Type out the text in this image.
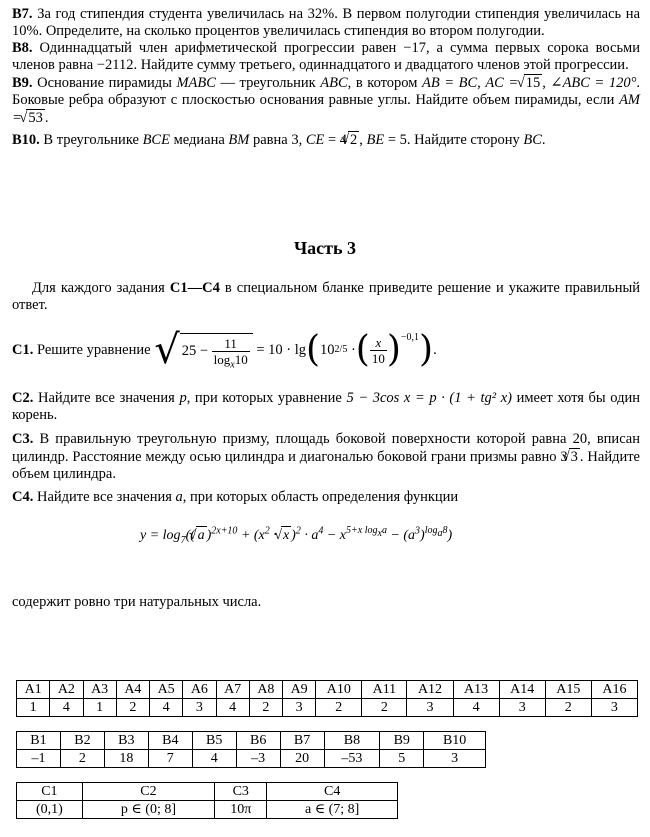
B7. За год стипендия студента увеличилась на 32%. В первом полугодии стипендия увеличилась на 10%. Определите, на сколько процентов увеличилась стипендия во втором полугодии.

B8. Одиннадцатый член арифметической прогрессии равен −17, а сумма первых сорока восьми членов равна −2112. Найдите сумму третьего, одиннадцатого и двадцатого членов этой прогрессии.

B9. Основание пирамиды MABC — треугольник ABC, в котором AB = BC, AC = √ 15 , ∠ABC = 120°. Боковые ребра образуют с плоскостью основания равные углы. Найдите объем пирамиды, если AM = √ 53 .

B10. В треугольнике BCE медиана BM равна 3, CE = 4 √ 2 , BE = 5. Найдите сторону BC.

Часть 3

Для каждого задания C1—C4 в специальном бланке приведите решение и укажите правильный ответ.

C1.
Решите уравнение
√ 25 −
$\frac{11}{\log_x10}$
= 10 · lg ( 10 2/5
· ( $\frac{x}{10} )^{-0,1}$ ) .

C2. Найдите все значения p, при которых уравнение 5 − 3cos x = p · (1 + tg² x) имеет хотя бы один корень.

C3. В правильную треугольную призму, площадь боковой поверхности которой равна 20, вписан цилиндр. Расстояние между осью цилиндра и диагональю боковой грани призмы равно 3 √ 3 . Найдите объем цилиндра.

C4. Найдите все значения a, при которых область определения функции

$y = \log_7$(( √ a )$^{2x+10} + (x^2$ · √ x )$^2 \cdot a^4 - x^{5+x log_xa} - (a^3)^{log_a8}$)

содержит ровно три натуральных числа.

A1	A2	A3	A4	A5	A6	A7	A8	A9	A10	A11	A12	A13	A14	A15	A16
1	4	1	2	4	3	4	2	3	2	2	3	4	3	2	3
B1	B2	B3	B4	B5	B6	B7	B8	B9	B10
–1	2	18	7	4	–3	20	–53	5	3
C1	C2	C3	C4
(0,1)	p ∈ (0; 8]	10π	a ∈ (7; 8]
